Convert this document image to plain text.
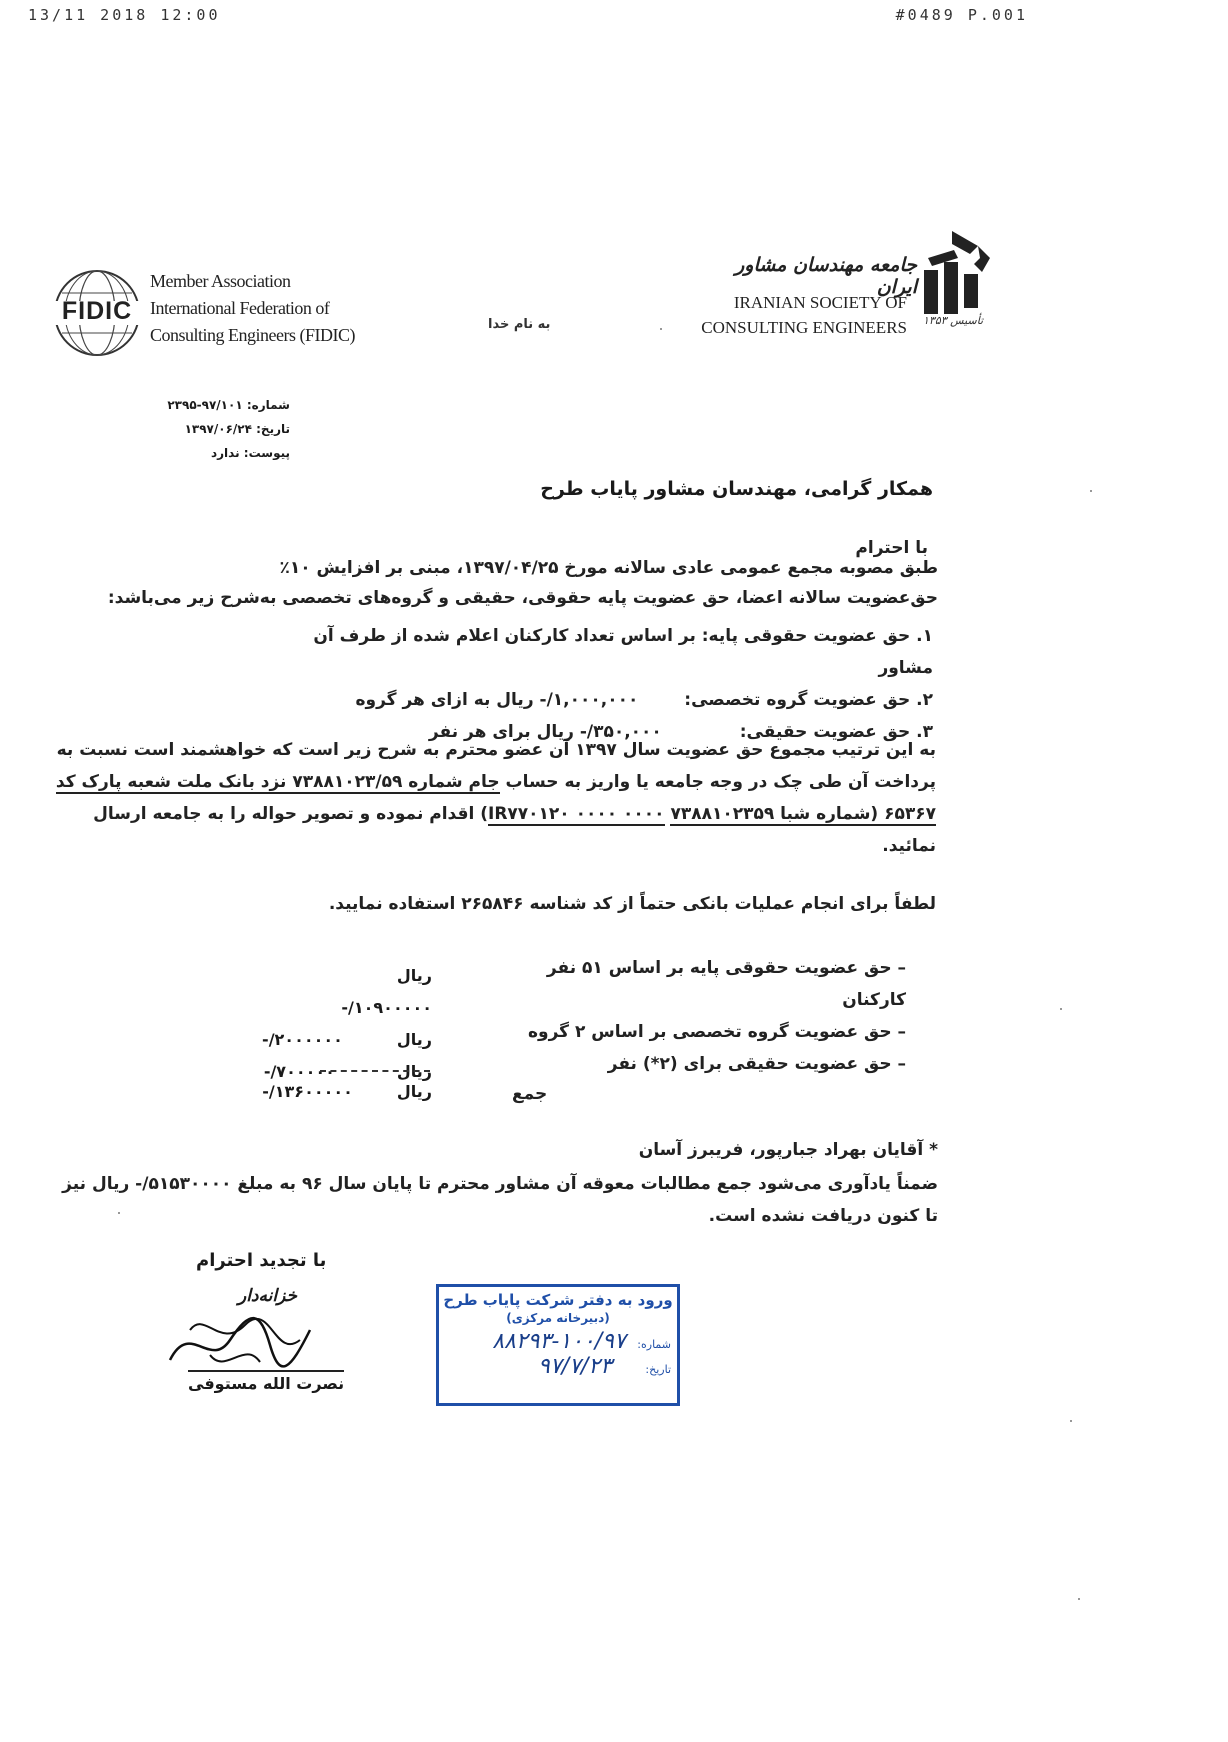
13/11 2018 12:00	#0489 P.001
FIDIC
Member Association
International Federation of
Consulting Engineers (FIDIC)
به نام خدا
جامعه مهندسان مشاور ایران
IRANIAN SOCIETY OF
CONSULTING ENGINEERS تأسیس ۱۳۵۳
شماره: ۹۷/۱۰۱-۲۳۹۵
تاریخ: ۱۳۹۷/۰۶/۲۴
پیوست: ندارد
همکار گرامی، مهندسان مشاور پایاب طرح
با احترام
طبق مصوبه مجمع عمومی عادی سالانه مورخ ۱۳۹۷/۰۴/۲۵، مبنی بر افزایش ۱۰٪
حق‌عضویت سالانه اعضا، حق عضویت پایه حقوقی، حقیقی و گروه‌های تخصصی به‌شرح زیر می‌باشد:
۱. حق عضویت حقوقی پایه: بر اساس تعداد کارکنان اعلام شده از طرف آن مشاور
۲. حق عضویت گروه تخصصی: ۱,۰۰۰,۰۰۰/- ریال به ازای هر گروه
۳. حق عضویت حقیقی: ۳۵۰,۰۰۰/- ریال برای هر نفر
به این ترتیب مجموع حق عضویت سال ۱۳۹۷ آن عضو محترم به شرح زیر است که خواهشمند است نسبت به
پرداخت آن طی چک در وجه جامعه یا واریز به حساب جام شماره ۷۳۸۸۱۰۲۳/۵۹ نزد بانک ملت شعبه پارک کد
۶۵۳۶۷ (شماره شبا ۷۳۸۸۱۰۲۳۵۹ IR۷۷۰۱۲۰ ۰۰۰۰ ۰۰۰۰) اقدام نموده و تصویر حواله را به جامعه ارسال
نمائید.
لطفاً برای انجام عملیات بانکی حتماً از کد شناسه ۲۶۵۸۴۶ استفاده نمایید.
– حق عضویت حقوقی پایه بر اساس ۵۱ نفر کارکنان
– حق عضویت گروه تخصصی بر اساس ۲ گروه
– حق عضویت حقیقی برای (۲*) نفر
ریال۱۰۹۰۰۰۰۰/-
ریال۲۰۰۰۰۰۰/-
ریال۷۰۰۰۰۰/-
ریال۱۳۶۰۰۰۰۰/-	جمع
* آقایان بهراد جبارپور، فریبرز آسان
ضمناً یادآوری می‌شود جمع مطالبات معوقه آن مشاور محترم تا پایان سال ۹۶ به مبلغ ۵۱۵۳۰۰۰۰/- ریال نیز
تا کنون دریافت نشده است.
با تجدید احترام
خزانه‌دار
نصرت الله مستوفی
ورود به دفتر شرکت پایاب طرح
(دبیرخانه مرکزی)
شماره: ۱۰۰/۹۷-۸۸۲۹۳
تاریخ: ۹۷/۷/۲۳
